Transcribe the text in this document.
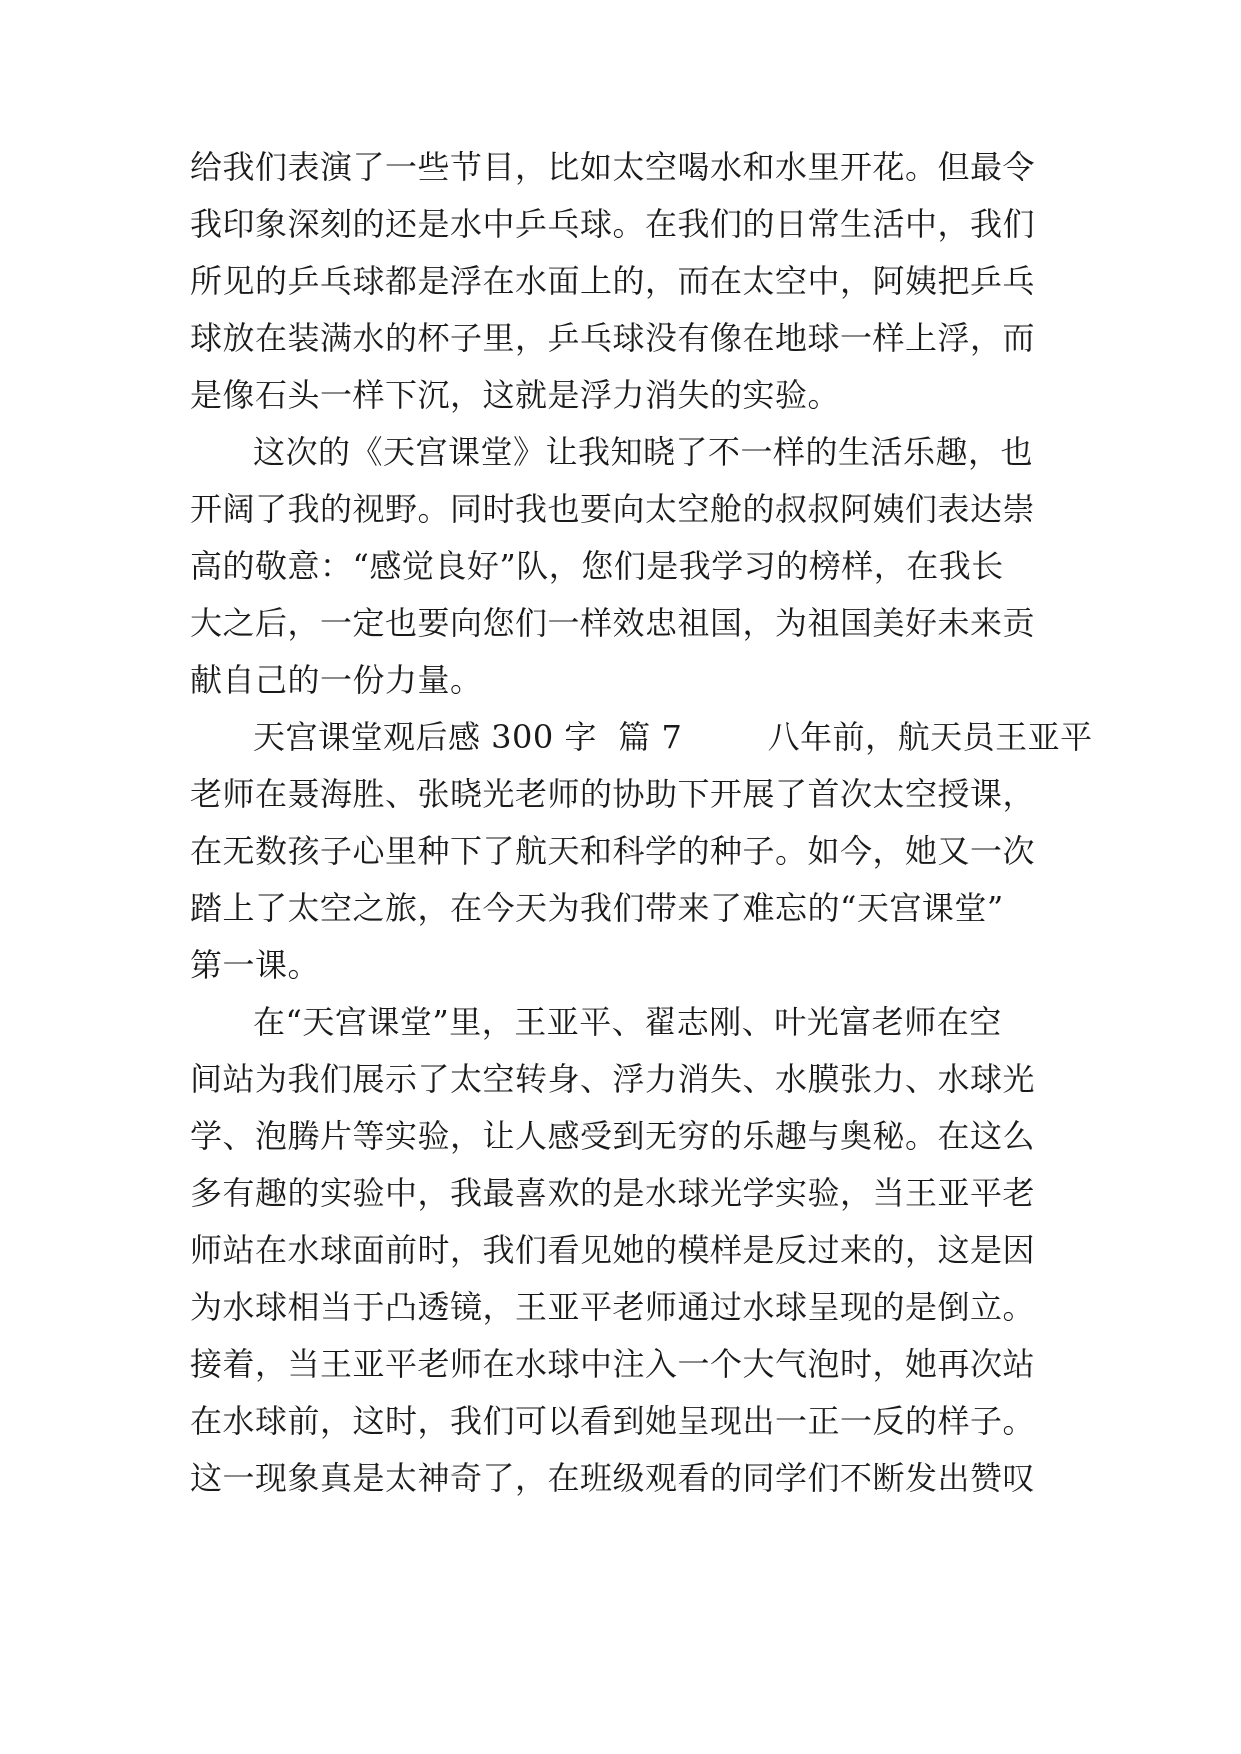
给我们表演了一些节目，比如太空喝水和水里开花。但最令

我印象深刻的还是水中乒乓球。在我们的日常生活中，我们

所见的乒乓球都是浮在水面上的，而在太空中，阿姨把乒乓

球放在装满水的杯子里，乒乓球没有像在地球一样上浮，而

是像石头一样下沉，这就是浮力消失的实验。

这次的《天宫课堂》让我知晓了不一样的生活乐趣，也

开阔了我的视野。同时我也要向太空舱的叔叔阿姨们表达崇

高的敬意：“感觉良好”队，您们是我学习的榜样，在我长

大之后，一定也要向您们一样效忠祖国，为祖国美好未来贡

献自己的一份力量。

天宫课堂观后感 300 字  篇 7        八年前，航天员王亚平

老师在聂海胜、张晓光老师的协助下开展了首次太空授课，

在无数孩子心里种下了航天和科学的种子。如今，她又一次

踏上了太空之旅，在今天为我们带来了难忘的“天宫课堂”

第一课。

在“天宫课堂”里，王亚平、翟志刚、叶光富老师在空

间站为我们展示了太空转身、浮力消失、水膜张力、水球光

学、泡腾片等实验，让人感受到无穷的乐趣与奥秘。在这么

多有趣的实验中，我最喜欢的是水球光学实验，当王亚平老

师站在水球面前时，我们看见她的模样是反过来的，这是因

为水球相当于凸透镜，王亚平老师通过水球呈现的是倒立。

接着，当王亚平老师在水球中注入一个大气泡时，她再次站

在水球前，这时，我们可以看到她呈现出一正一反的样子。

这一现象真是太神奇了，在班级观看的同学们不断发出赞叹
